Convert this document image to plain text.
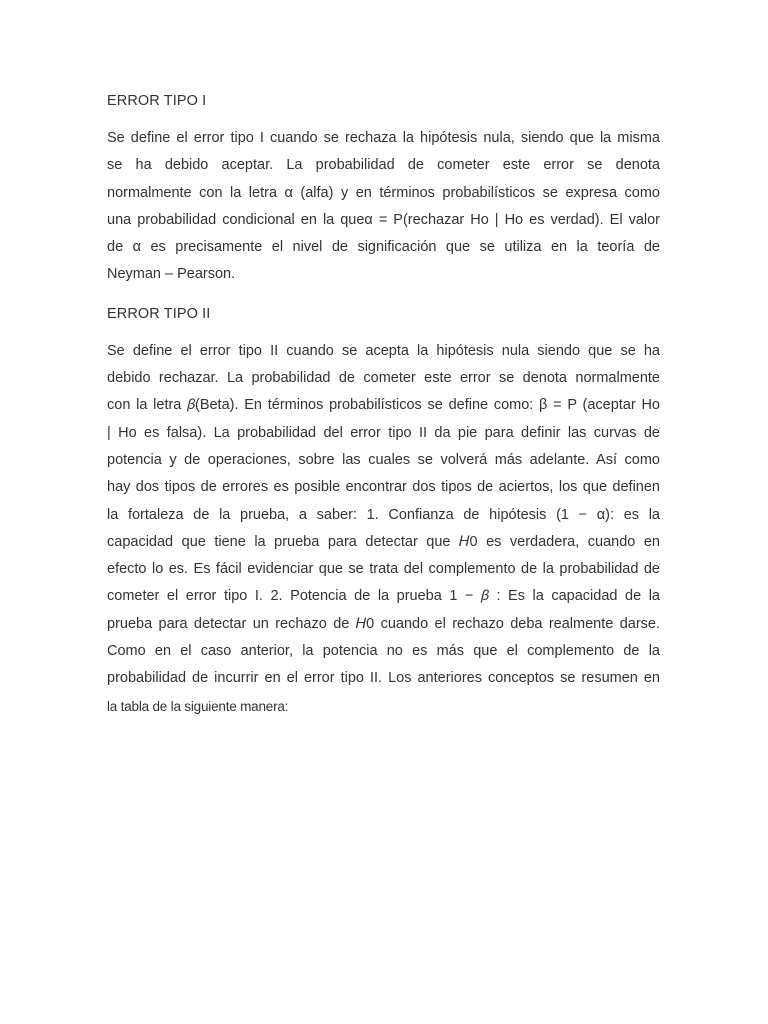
ERROR TIPO I
Se define el error tipo I cuando se rechaza la hipótesis nula, siendo que la misma
se ha debido aceptar. La probabilidad de cometer este error se denota
normalmente con la letra α (alfa) y en términos probabilísticos se expresa como
una probabilidad condicional en la queα = P(rechazar Ho | Ho es verdad). El valor
de α es precisamente el nivel de significación que se utiliza en la teoría de
Neyman – Pearson.
ERROR TIPO II
Se define el error tipo II cuando se acepta la hipótesis nula siendo que se ha
debido rechazar. La probabilidad de cometer este error se denota normalmente
con la letra 𝛽(Beta). En términos probabilísticos se define como: β = P (aceptar Ho
| Ho es falsa). La probabilidad del error tipo II da pie para definir las curvas de
potencia y de operaciones, sobre las cuales se volverá más adelante. Así como
hay dos tipos de errores es posible encontrar dos tipos de aciertos, los que definen
la fortaleza de la prueba, a saber: 1. Confianza de hipótesis (1 − α): es la
capacidad que tiene la prueba para detectar que 𝐻0 es verdadera, cuando en
efecto lo es. Es fácil evidenciar que se trata del complemento de la probabilidad de
cometer el error tipo I. 2. Potencia de la prueba 1 − 𝛽 : Es la capacidad de la
prueba para detectar un rechazo de 𝐻0 cuando el rechazo deba realmente darse.
Como en el caso anterior, la potencia no es más que el complemento de la
probabilidad de incurrir en el error tipo II. Los anteriores conceptos se resumen en
la tabla de la siguiente manera:
